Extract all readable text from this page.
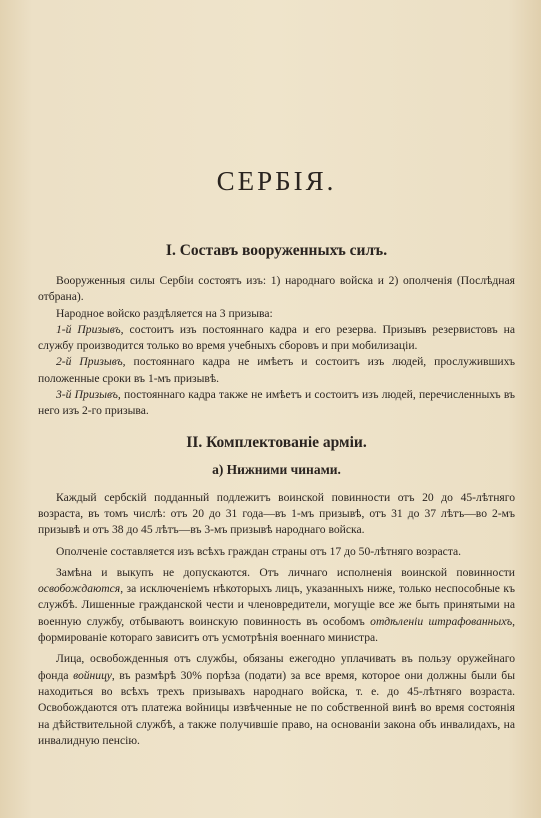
СЕРБІЯ.
I. Составъ вооруженныхъ силъ.

Вооруженныя силы Сербіи состоятъ изъ: 1) народнаго войска и 2) ополченія (Послѣдная отбрана).

Народное войско раздѣляется на 3 призыва:

1-й Призывъ, состоитъ изъ постояннаго кадра и его резерва. Призывъ резервистовъ на службу производится только во время учебныхъ сборовъ и при мобилизаціи.

2-й Призывъ, постояннаго кадра не имѣетъ и состоитъ изъ людей, прослужившихъ положенные сроки въ 1-мъ призывѣ.

3-й Призывъ, постояннаго кадра также не имѣетъ и состоитъ изъ людей, перечисленныхъ въ него изъ 2-го призыва.

II. Комплектованіе арміи.
а) Нижними чинами.

Каждый сербскій подданный подлежитъ воинской повинности отъ 20 до 45-лѣтняго возраста, въ томъ числѣ: отъ 20 до 31 года—въ 1-мъ призывѣ, отъ 31 до 37 лѣтъ—во 2-мъ призывѣ и отъ 38 до 45 лѣтъ—въ 3-мъ призывѣ народнаго войска.

Ополченіе составляется изъ всѣхъ граждан страны отъ 17 до 50-лѣтняго возраста.

Замѣна и выкупъ не допускаются. Отъ личнаго исполненія воинской повинности освобождаются, за исключеніемъ нѣкоторыхъ лицъ, указанныхъ ниже, только неспособные къ службѣ. Лишенные гражданской чести и членовредители, могущіе все же быть принятыми на военную службу, отбываютъ воинскую повинность въ особомъ отдѣленіи штрафованныхъ, формированіе котораго зависитъ отъ усмотрѣнія военнаго министра.

Лица, освобожденныя отъ службы, обязаны ежегодно уплачивать въ пользу оружейнаго фонда войницу, въ размѣрѣ 30% порѣза (подати) за все время, которое они должны были бы находиться во всѣхъ трехъ призывахъ народнаго войска, т. е. до 45-лѣтняго возраста. Освобождаются отъ платежа войницы извѣченные не по собственной винѣ во время состоянія на дѣйствительной службѣ, а также получившіе право, на основаніи закона объ инвалидахъ, на инвалидную пенсію.
